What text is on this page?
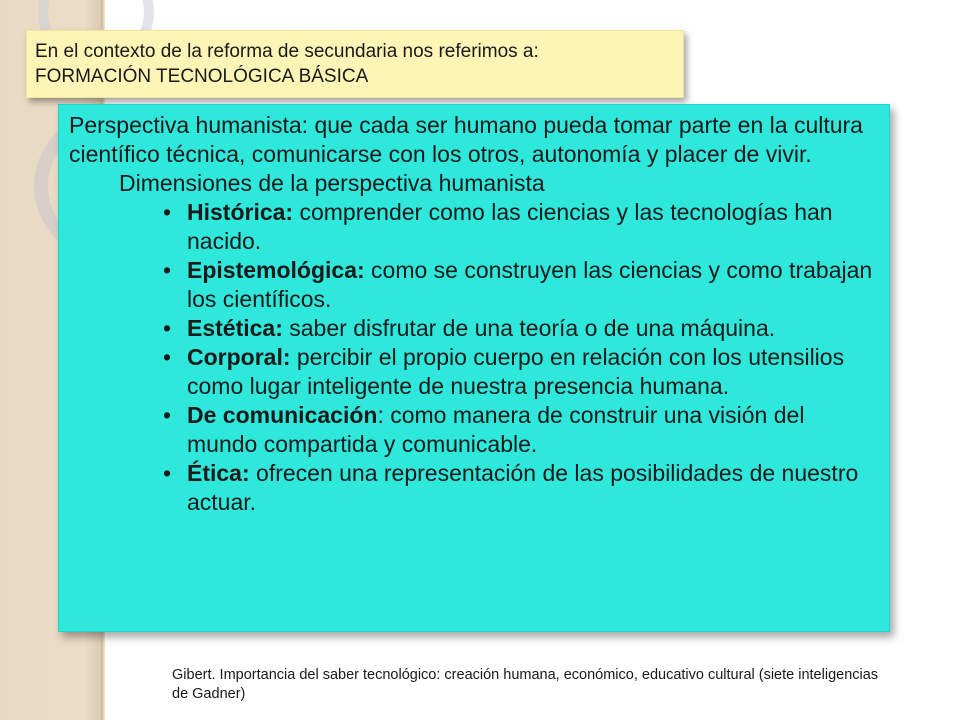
En el contexto de la reforma de secundaria nos referimos a:
FORMACIÓN TECNOLÓGICA BÁSICA

Perspectiva humanista: que cada ser humano pueda tomar parte en la cultura científico técnica, comunicarse con los otros, autonomía y placer de vivir.

Dimensiones de la perspectiva humanista

• Histórica: comprender como las ciencias y las tecnologías han nacido.
• Epistemológica: como se construyen las ciencias y como trabajan los científicos.
• Estética: saber disfrutar de una teoría o de una máquina.
• Corporal: percibir el propio cuerpo en relación con los utensilios como lugar inteligente de nuestra presencia humana.
• De comunicación: como manera de construir una visión del mundo compartida y comunicable.
• Ética: ofrecen una representación de las posibilidades de nuestro actuar.
Gibert. Importancia del saber tecnológico: creación humana, económico, educativo cultural (siete inteligencias de Gadner)
